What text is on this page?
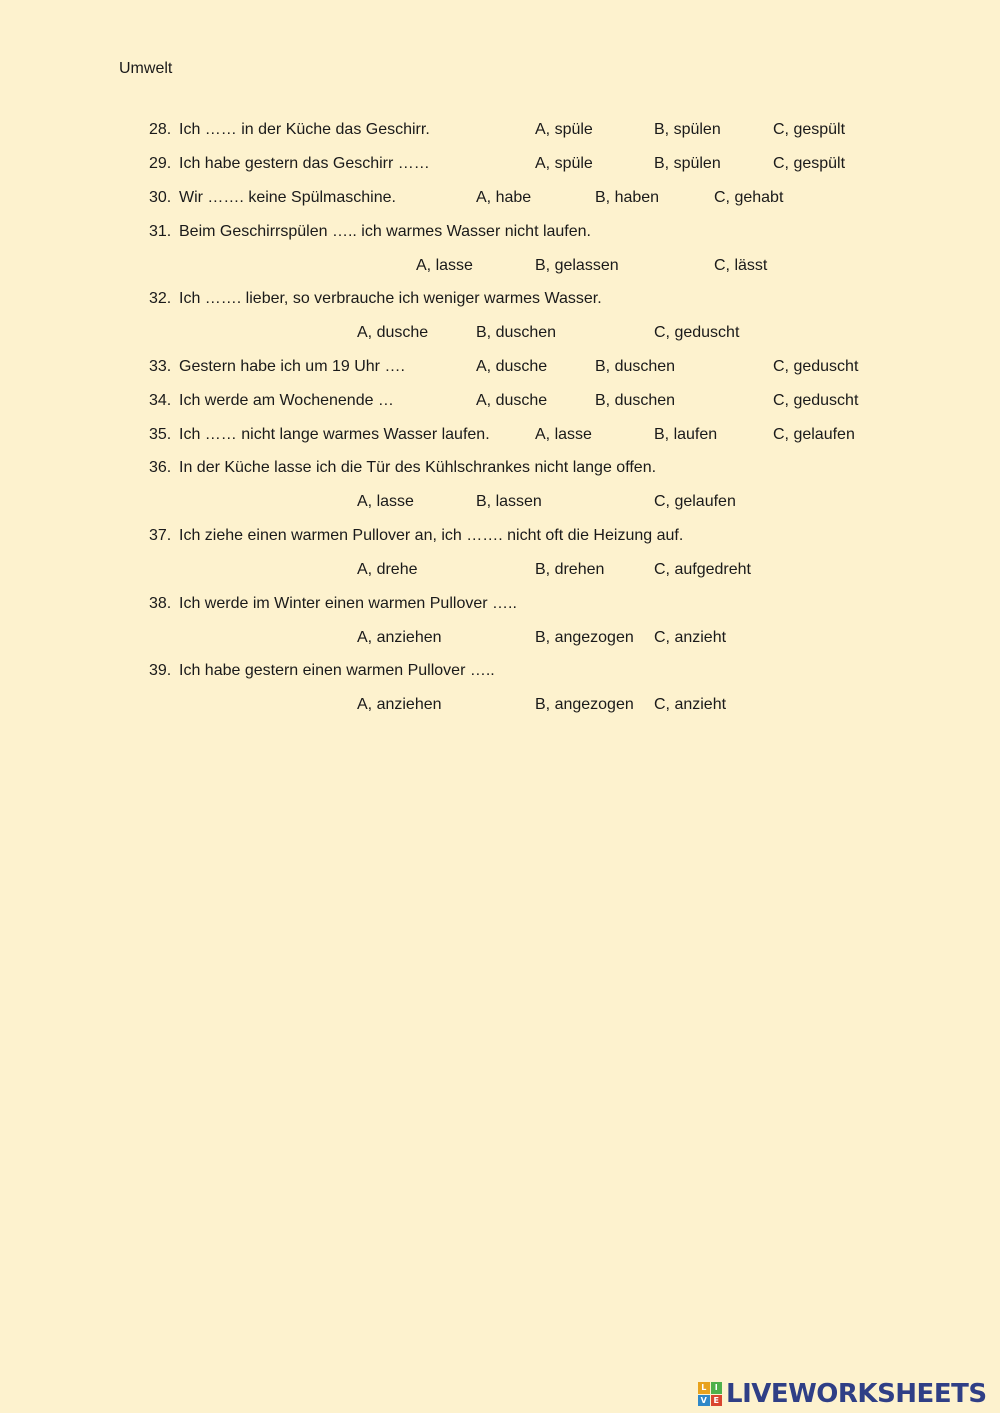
Umwelt
28. Ich …… in der Küche das Geschirr.	A, spüle	B, spülen	C, gespült
29. Ich habe gestern das Geschirr ……	A, spüle	B, spülen	C, gespült
30. Wir ……. keine Spülmaschine.	A, habe	B, haben	C, gehabt
31. Beim Geschirrspülen ….. ich warmes Wasser nicht laufen.
A, lasse	B, gelassen	C, lässt
32. Ich ……. lieber, so verbrauche ich weniger warmes Wasser.
A, dusche	B, duschen	C, geduscht
33. Gestern habe ich um 19 Uhr ….	A, dusche	B, duschen	C, geduscht
34. Ich werde am Wochenende …	A, dusche	B, duschen	C, geduscht
35. Ich …… nicht lange warmes Wasser laufen.	A, lasse	B, laufen	C, gelaufen
36. In der Küche lasse ich die Tür des Kühlschrankes nicht lange offen.
A, lasse	B, lassen	C, gelaufen
37. Ich ziehe einen warmen Pullover an, ich ……. nicht oft die Heizung auf.
A, drehe	B, drehen	C, aufgedreht
38. Ich werde im Winter einen warmen Pullover …..
A, anziehen	B, angezogen C, anzieht
39. Ich habe gestern einen warmen Pullover …..
A, anziehen	B, angezogen C, anzieht
L	I
V E LIVEWORKSHEETS
